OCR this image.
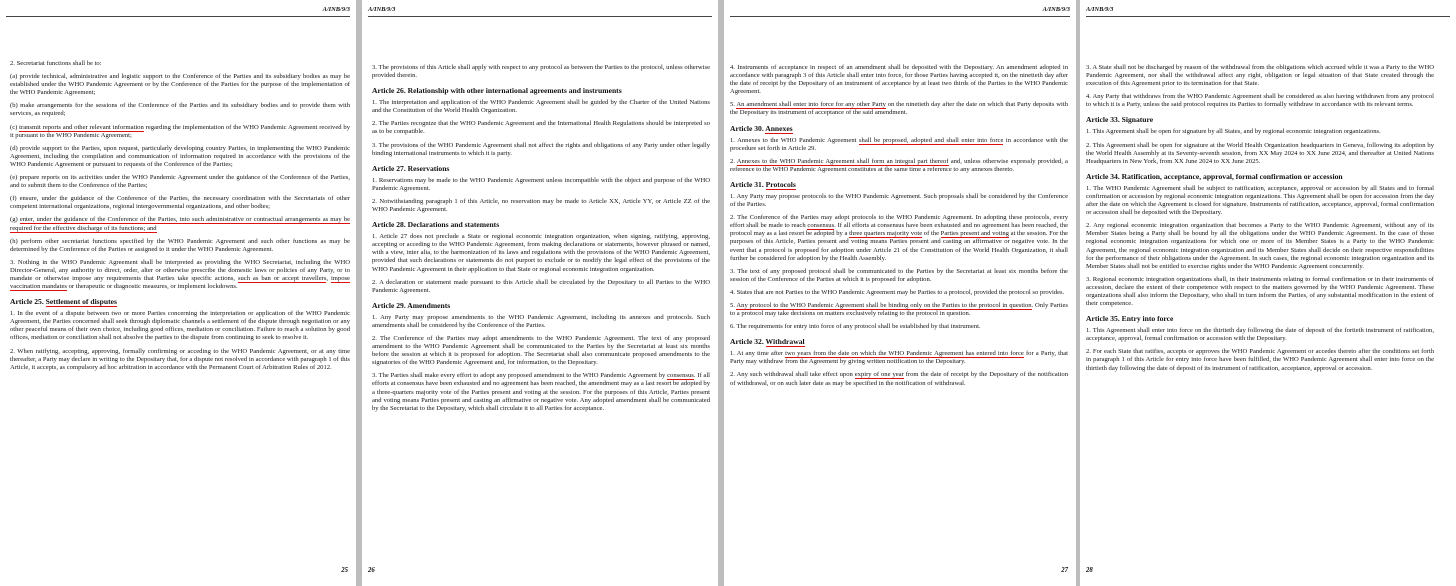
A/INB/9/3

2. Secretariat functions shall be to:

(a) provide technical, administrative and logistic support to the Conference of the Parties and its subsidiary bodies as may be established under the WHO Pandemic Agreement or by the Conference of the Parties for the purpose of the implementation of the WHO Pandemic Agreement;

(b) make arrangements for the sessions of the Conference of the Parties and its subsidiary bodies and to provide them with services, as required;

(c) transmit reports and other relevant information regarding the implementation of the WHO Pandemic Agreement received by it pursuant to the WHO Pandemic Agreement;

(d) provide support to the Parties, upon request, particularly developing country Parties, in implementing the WHO Pandemic Agreement, including the compilation and communication of information required in accordance with the provisions of the WHO Pandemic Agreement or pursuant to requests of the Conference of the Parties;

(e) prepare reports on its activities under the WHO Pandemic Agreement under the guidance of the Conference of the Parties, and to submit them to the Conference of the Parties;

(f) ensure, under the guidance of the Conference of the Parties, the necessary coordination with the Secretariats of other competent international organizations, regional intergovernmental organizations, and other bodies;

(g) enter, under the guidance of the Conference of the Parties, into such administrative or contractual arrangements as may be required for the effective discharge of its functions; and

(h) perform other secretariat functions specified by the WHO Pandemic Agreement and such other functions as may be determined by the Conference of the Parties or assigned to it under the WHO Pandemic Agreement.

3. Nothing in the WHO Pandemic Agreement shall be interpreted as providing the WHO Secretariat, including the WHO Director-General, any authority to direct, order, alter or otherwise prescribe the domestic laws or policies of any Party, or to mandate or otherwise impose any requirements that Parties take specific actions, such as ban or accept travellers, impose vaccination mandates or therapeutic or diagnostic measures, or implement lockdowns.

Article 25. Settlement of disputes

1. In the event of a dispute between two or more Parties concerning the interpretation or application of the WHO Pandemic Agreement, the Parties concerned shall seek through diplomatic channels a settlement of the dispute through negotiation or any other peaceful means of their own choice, including good offices, mediation or conciliation. Failure to reach a solution by good offices, mediation or conciliation shall not absolve the parties to the dispute from continuing to seek to resolve it.

2. When ratifying, accepting, approving, formally confirming or acceding to the WHO Pandemic Agreement, or at any time thereafter, a Party may declare in writing to the Depositary that, for a dispute not resolved in accordance with paragraph 1 of this Article, it accepts, as compulsory ad hoc arbitration in accordance with the Permanent Court of Arbitration Rules of 2012.

25
A/INB/9/3

3. The provisions of this Article shall apply with respect to any protocol as between the Parties to the protocol, unless otherwise provided therein.

Article 26. Relationship with other international agreements and instruments

1. The interpretation and application of the WHO Pandemic Agreement shall be guided by the Charter of the United Nations and the Constitution of the World Health Organization.

2. The Parties recognize that the WHO Pandemic Agreement and the International Health Regulations should be interpreted so as to be compatible.

3. The provisions of the WHO Pandemic Agreement shall not affect the rights and obligations of any Party under other legally binding international instruments to which it is party.

Article 27. Reservations

1. Reservations may be made to the WHO Pandemic Agreement unless incompatible with the object and purpose of the WHO Pandemic Agreement.

2. Notwithstanding paragraph 1 of this Article, no reservation may be made to Article XX, Article YY, or Article ZZ of the WHO Pandemic Agreement.

Article 28. Declarations and statements

1. Article 27 does not preclude a State or regional economic integration organization, when signing, ratifying, approving, accepting or acceding to the WHO Pandemic Agreement, from making declarations or statements, however phrased or named, with a view, inter alia, to the harmonization of its laws and regulations with the provisions of the WHO Pandemic Agreement, provided that such declarations or statements do not purport to exclude or to modify the legal effect of the provisions of the WHO Pandemic Agreement in their application to that State or regional economic integration organization.

2. A declaration or statement made pursuant to this Article shall be circulated by the Depositary to all Parties to the WHO Pandemic Agreement.

Article 29. Amendments

1. Any Party may propose amendments to the WHO Pandemic Agreement, including its annexes and protocols. Such amendments shall be considered by the Conference of the Parties.

2. The Conference of the Parties may adopt amendments to the WHO Pandemic Agreement. The text of any proposed amendment to the WHO Pandemic Agreement shall be communicated to the Parties by the Secretariat at least six months before the session at which it is proposed for adoption. The Secretariat shall also communicate proposed amendments to the signatories of the WHO Pandemic Agreement and, for information, to the Depositary.

3. The Parties shall make every effort to adopt any proposed amendment to the WHO Pandemic Agreement by consensus. If all efforts at consensus have been exhausted and no agreement has been reached, the amendment may as a last resort be adopted by a three-quarters majority vote of the Parties present and voting at the session. For the purposes of this Article, Parties present and voting means Parties present and casting an affirmative or negative vote. Any adopted amendment shall be communicated by the Secretariat to the Depositary, which shall circulate it to all Parties for acceptance.

26
A/INB/9/3

4. Instruments of acceptance in respect of an amendment shall be deposited with the Depositary. An amendment adopted in accordance with paragraph 3 of this Article shall enter into force, for those Parties having accepted it, on the ninetieth day after the date of receipt by the Depositary of an instrument of acceptance by at least two thirds of the Parties to the WHO Pandemic Agreement.

5. An amendment shall enter into force for any other Party on the ninetieth day after the date on which that Party deposits with the Depositary its instrument of acceptance of the said amendment.

Article 30. Annexes

1. Annexes to the WHO Pandemic Agreement shall be proposed, adopted and shall enter into force in accordance with the procedure set forth in Article 29.

2. Annexes to the WHO Pandemic Agreement shall form an integral part thereof and, unless otherwise expressly provided, a reference to the WHO Pandemic Agreement constitutes at the same time a reference to any annexes thereto.

Article 31. Protocols

1. Any Party may propose protocols to the WHO Pandemic Agreement. Such proposals shall be considered by the Conference of the Parties.

2. The Conference of the Parties may adopt protocols to the WHO Pandemic Agreement. In adopting these protocols, every effort shall be made to reach consensus. If all efforts at consensus have been exhausted and no agreement has been reached, the protocol may as a last resort be adopted by a three quarters majority vote of the Parties present and voting at the session. For the purposes of this Article, Parties present and voting means Parties present and casting an affirmative or negative vote. In the event that a protocol is proposed for adoption under Article 21 of the Constitution of the World Health Organization, it shall further be considered for adoption by the Health Assembly.

3. The text of any proposed protocol shall be communicated to the Parties by the Secretariat at least six months before the session of the Conference of the Parties at which it is proposed for adoption.

4. States that are not Parties to the WHO Pandemic Agreement may be Parties to a protocol, provided the protocol so provides.

5. Any protocol to the WHO Pandemic Agreement shall be binding only on the Parties to the protocol in question. Only Parties to a protocol may take decisions on matters exclusively relating to the protocol in question.

6. The requirements for entry into force of any protocol shall be established by that instrument.

Article 32. Withdrawal

1. At any time after two years from the date on which the WHO Pandemic Agreement has entered into force for a Party, that Party may withdraw from the Agreement by giving written notification to the Depositary.

2. Any such withdrawal shall take effect upon expiry of one year from the date of receipt by the Depositary of the notification of withdrawal, or on such later date as may be specified in the notification of withdrawal.

27
A/INB/9/3

3. A State shall not be discharged by reason of the withdrawal from the obligations which accrued while it was a Party to the WHO Pandemic Agreement, nor shall the withdrawal affect any right, obligation or legal situation of that State created through the execution of this Agreement prior to its termination for that State.

4. Any Party that withdraws from the WHO Pandemic Agreement shall be considered as also having withdrawn from any protocol to which it is a Party, unless the said protocol requires its Parties to formally withdraw in accordance with its relevant terms.

Article 33. Signature

1. This Agreement shall be open for signature by all States, and by regional economic integration organizations.

2. This Agreement shall be open for signature at the World Health Organization headquarters in Geneva, following its adoption by the World Health Assembly at its Seventy-seventh session, from XX May 2024 to XX June 2024, and thereafter at United Nations Headquarters in New York, from XX June 2024 to XX June 2025.

Article 34. Ratification, acceptance, approval, formal confirmation or accession

1. The WHO Pandemic Agreement shall be subject to ratification, acceptance, approval or accession by all States and to formal confirmation or accession by regional economic integration organizations. This Agreement shall be open for accession from the day after the date on which the Agreement is closed for signature. Instruments of ratification, acceptance, approval, formal confirmation or accession shall be deposited with the Depositary.

2. Any regional economic integration organization that becomes a Party to the WHO Pandemic Agreement, without any of its Member States being a Party shall be bound by all the obligations under the WHO Pandemic Agreement. In the case of those regional economic integration organizations for which one or more of its Member States is a Party to the WHO Pandemic Agreement, the regional economic integration organization and its Member States shall decide on their respective responsibilities for the performance of their obligations under the Agreement. In such cases, the regional economic integration organization and its Member States shall not be entitled to exercise rights under the WHO Pandemic Agreement concurrently.

3. Regional economic integration organizations shall, in their instruments relating to formal confirmation or in their instruments of accession, declare the extent of their competence with respect to the matters governed by the WHO Pandemic Agreement. These organizations shall also inform the Depositary, who shall in turn inform the Parties, of any substantial modification in the extent of their competence.

Article 35. Entry into force

1. This Agreement shall enter into force on the thirtieth day following the date of deposit of the fortieth instrument of ratification, acceptance, approval, formal confirmation or accession with the Depositary.

2. For each State that ratifies, accepts or approves the WHO Pandemic Agreement or accedes thereto after the conditions set forth in paragraph 1 of this Article for entry into force have been fulfilled, the WHO Pandemic Agreement shall enter into force on the thirtieth day following the date of deposit of its instrument of ratification, acceptance, approval or accession.

28
